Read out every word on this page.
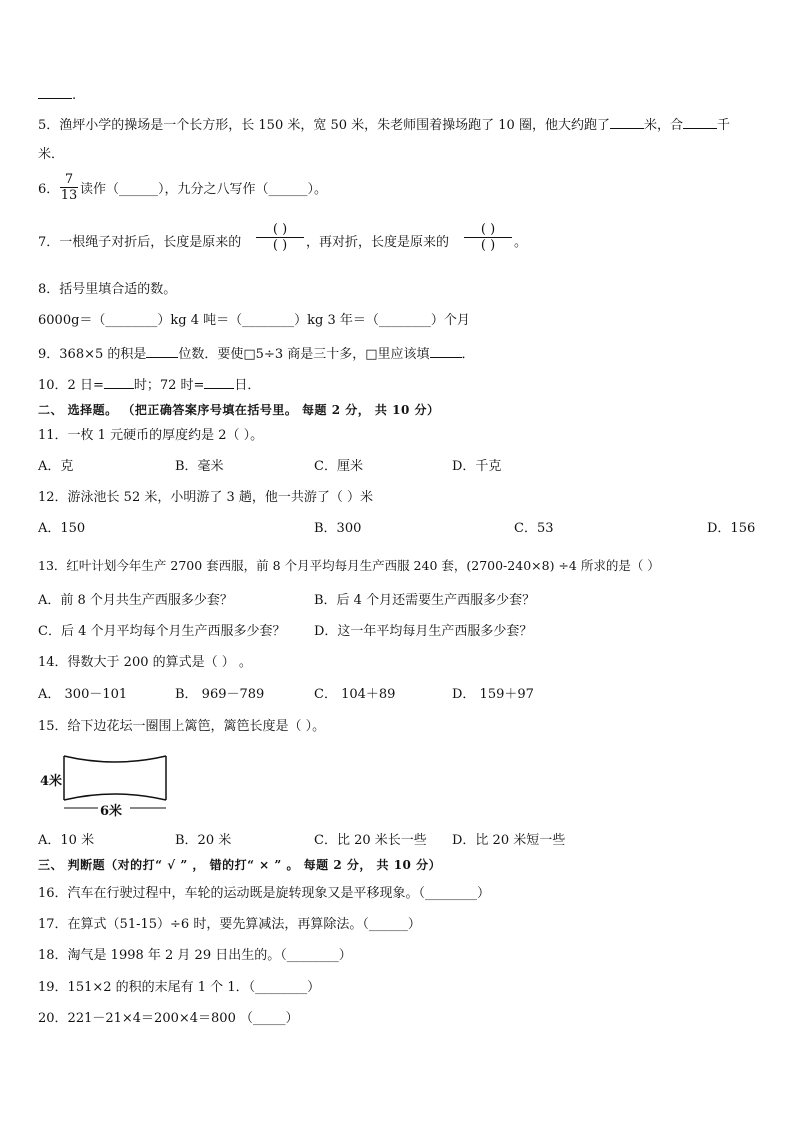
.
5．渔坪小学的操场是一个长方形，长 150 米，宽 50 米，朱老师围着操场跑了 10 圈，他大约跑了	米，合	千
米．
6． $\frac{7}{13}$ 读作（______），九分之八写作（______）。
7．一根绳子对折后，长度是原来的
( )
( )	，再对折，长度是原来的
( )
( )	。
8．括号里填合适的数。
6000g＝（________）kg 4 吨＝（________）kg 3 年＝（________）个月
9．368×5 的积是 位数．要使□5÷3 商是三十多，□里应该填 ．
10．2 日= 时；72 时= 日．
二、 选择题。 （把正确答案序号填在括号里。 每题 2 分， 共 10 分）
11．一枚 1 元硬币的厚度约是 2（ ）。
A．克	B．毫米	C．厘米	D．千克
12．游泳池长 52 米，小明游了 3 趟，他一共游了（ ）米
A．150	B．300	C．53	D．156
13．红叶计划今年生产 2700 套西服，前 8 个月平均每月生产西服 240 套，(2700-240×8) ÷4 所求的是（ ）
A．前 8 个月共生产西服多少套？	B．后 4 个月还需要生产西服多少套？
C．后 4 个月平均每个月生产西服多少套？ D．这一年平均每月生产西服多少套？
14．得数大于 200 的算式是（ ） 。
A． 300－101	B． 969－789	C． 104＋89	D． 159＋97
15．给下边花坛一圈围上篱笆，篱笆长度是（ ）。
4米
6米
A．10 米	B．20 米	C．比 20 米长一些 D．比 20 米短一些
三、 判断题（对的打“ √ ” ， 错的打“ × ” 。 每题 2 分， 共 10 分）
16．汽车在行驶过程中，车轮的运动既是旋转现象又是平移现象。（________）
17．在算式（51-15）÷6 时，要先算减法，再算除法。（______）
18．淘气是 1998 年 2 月 29 日出生的。（________）
19．151×2 的积的末尾有 1 个 1．（________）
20．221－21×4＝200×4＝800 （_____）
